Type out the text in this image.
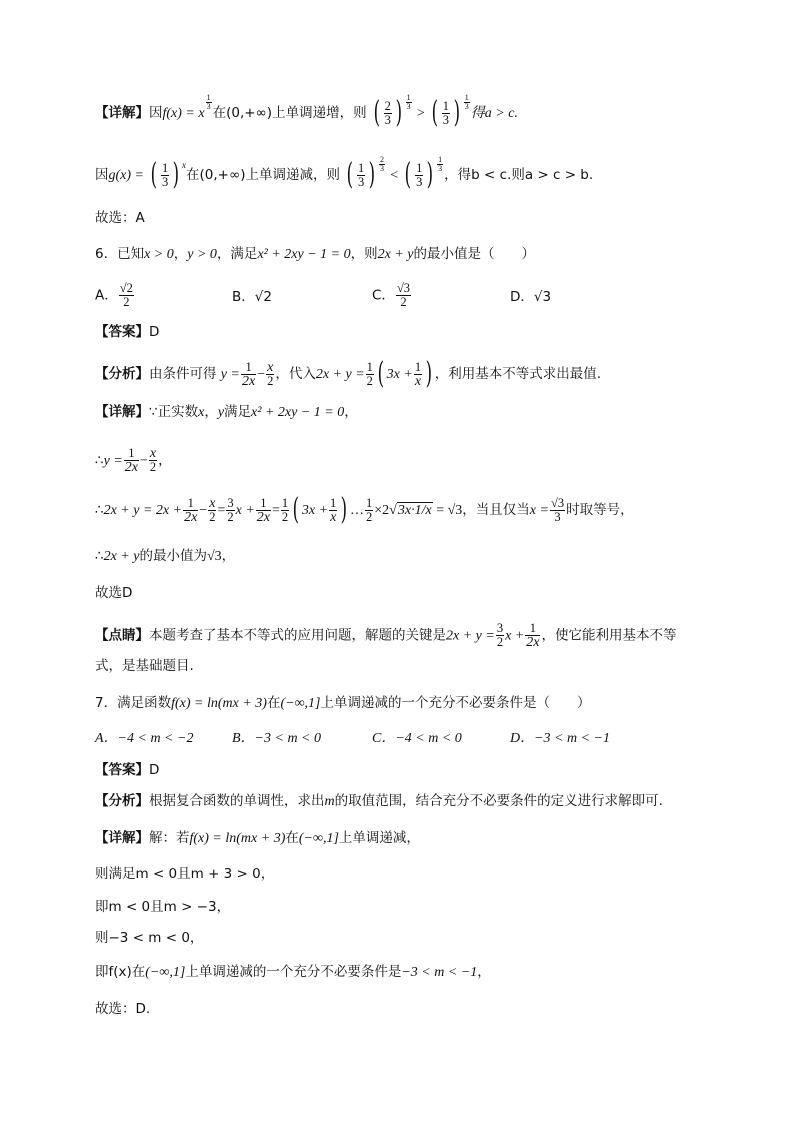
【详解】因f(x) = x
$\frac{1}{3}$
在(0,+∞)上单调递增，则 ( $\frac{2}{3}$ ) $\frac{1}{3}$
> ( $\frac{1}{3}$ ) $\frac{1}{3}$
得a > c.
因g(x) = ( $\frac{1}{3}$ ) x在(0,+∞)上单调递减，则 ( $\frac{1}{3}$ ) $\frac{2}{3}$
< ( $\frac{1}{3}$ ) $\frac{1}{3}$
，得b < c.则a > c > b.
故选：A
6．已知x > 0，y > 0，满足x² + 2xy − 1 = 0，则2x + y的最小值是（　　）
A． $\frac{√2}{2}$	B．√2	C． $\frac{√3}{2}$	D．√3
【答案】D
【分析】由条件可得 $y = \frac{1}{2x} - \frac{x}{2}$ ，代入$2x + y = \frac{1}{2}$ ( $3x + \frac{1}{x}$ ) ，利用基本不等式求出最值.
【详解】∵正实数x，y满足x² + 2xy − 1 = 0，
∴y = $\frac{1}{2x} - \frac{x}{2}$ ，
∴2x + $y = 2x + \frac{1}{2x} - \frac{x}{2} = \frac{3}{2}$ $x + \frac{1}{2x} = \frac{1}{2}$ ( $3x + \frac{1}{x}$ ) … $\frac{1}{2} \times 2√3x\cdot 1/x = √3$，当且仅当$x = \frac{√3}{3}$ 时取等号，
∴2x + y的最小值为√3，
故选D
【点睛】本题考查了基本不等式的应用问题，解题的关键是$2x + y = \frac{3}{2}$ $x + \frac{1}{2x}$ ，使它能利用基本不等
式，是基础题目.
7．满足函数f(x) = ln(mx + 3)在(−∞,1]上单调递减的一个充分不必要条件是（　　）
A．−4 < m < −2	B．−3 < m < 0	C．−4 < m < 0	D．−3 < m < −1
【答案】D
【分析】根据复合函数的单调性，求出m的取值范围，结合充分不必要条件的定义进行求解即可.
【详解】解：若f(x) = ln(mx + 3)在(−∞,1]上单调递减，
则满足m < 0且m + 3 > 0，
即m < 0且m > −3，
则−3 < m < 0，
即f(x)在(−∞,1]上单调递减的一个充分不必要条件是−3 < m < −1，
故选：D.
